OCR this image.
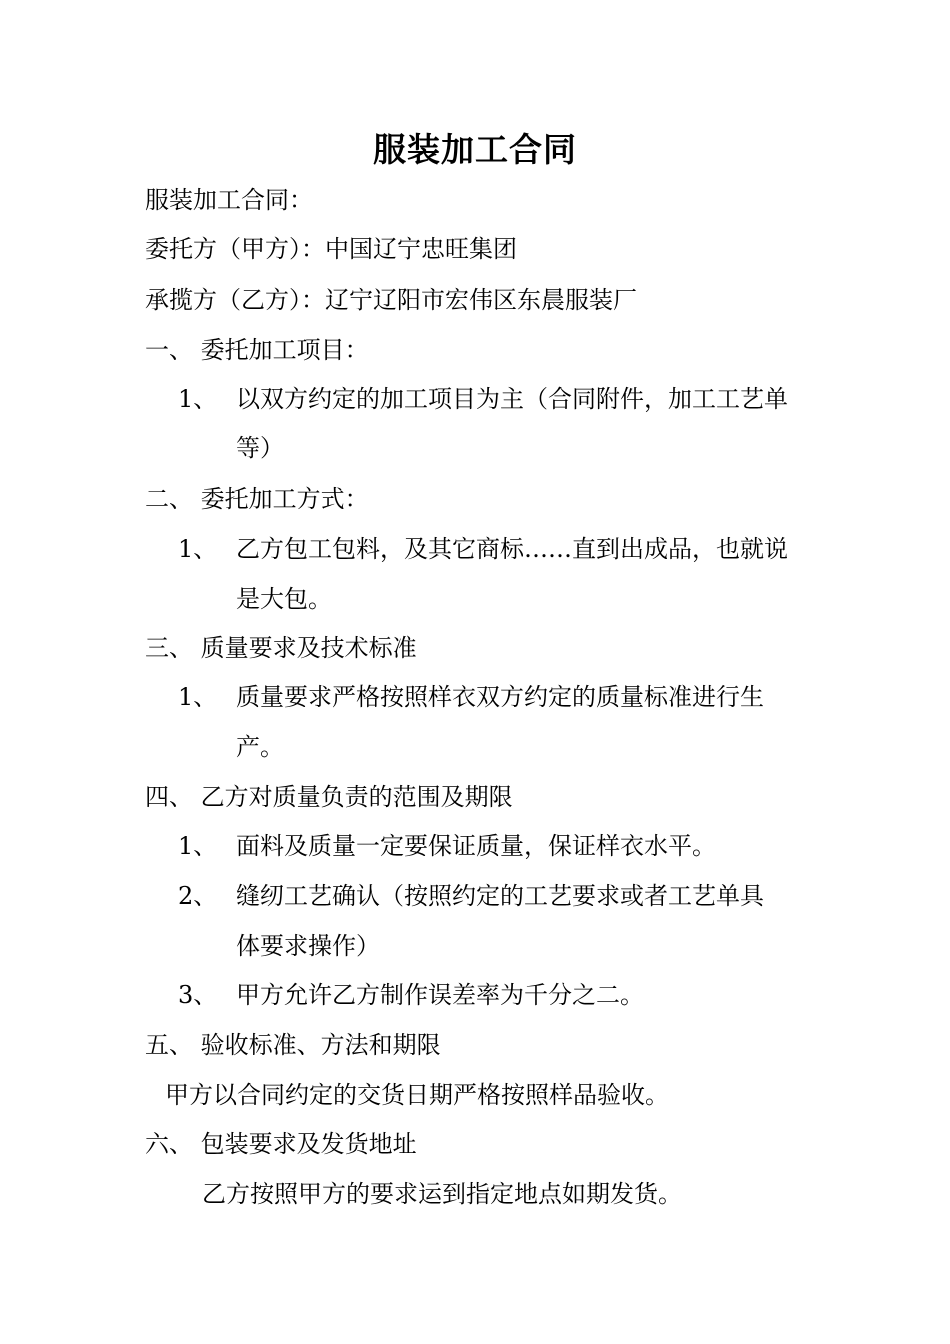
服装加工合同
服装加工合同：
委托方（甲方）：中国辽宁忠旺集团
承揽方（乙方）：辽宁辽阳市宏伟区东晨服装厂
一、 委托加工项目：
1、 以双方约定的加工项目为主（合同附件，加工工艺单
等）
二、 委托加工方式：
1、 乙方包工包料，及其它商标……直到出成品，也就说
是大包。
三、 质量要求及技术标准
1、 质量要求严格按照样衣双方约定的质量标准进行生
产。
四、 乙方对质量负责的范围及期限
1、 面料及质量一定要保证质量，保证样衣水平。
2、 缝纫工艺确认（按照约定的工艺要求或者工艺单具
体要求操作）
3、 甲方允许乙方制作误差率为千分之二。
五、 验收标准、方法和期限
甲方以合同约定的交货日期严格按照样品验收。
六、 包装要求及发货地址
乙方按照甲方的要求运到指定地点如期发货。
